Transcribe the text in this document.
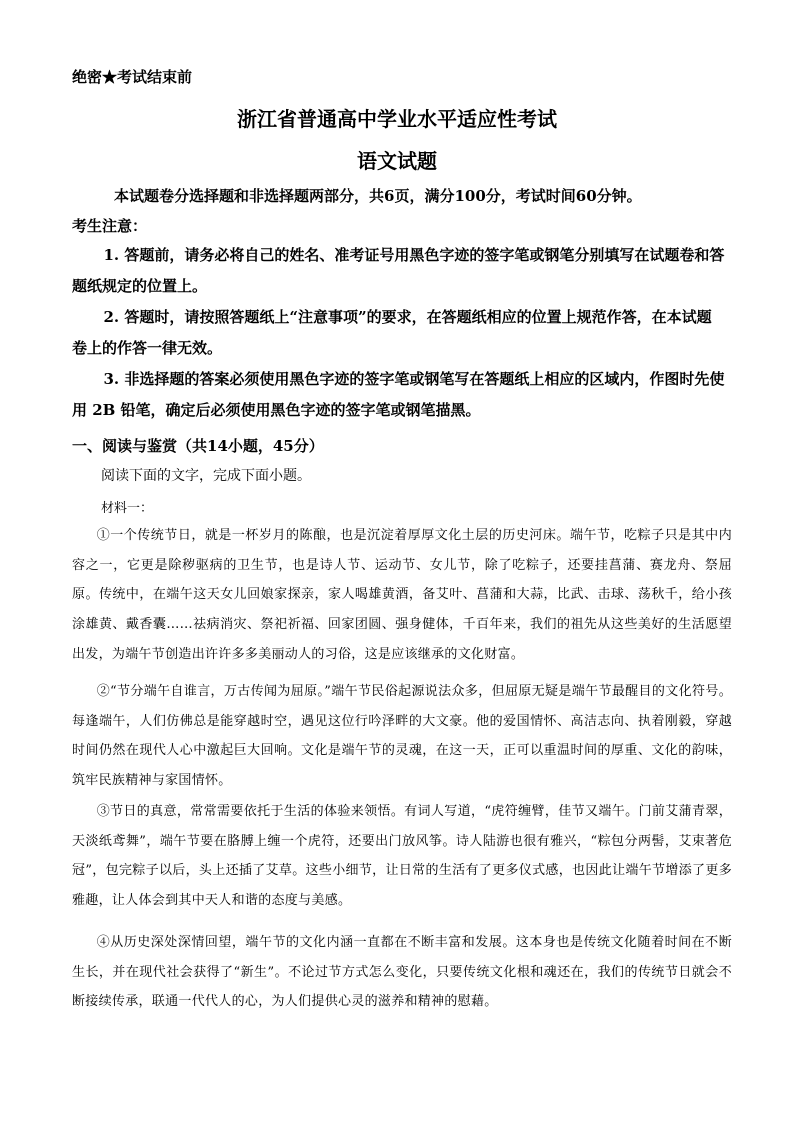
绝密★考试结束前
浙江省普通高中学业水平适应性考试
语文试题
本试题卷分选择题和非选择题两部分，共6页，满分100分，考试时间60分钟。
考生注意：
1. 答题前，请务必将自己的姓名、准考证号用黑色字迹的签字笔或钢笔分别填写在试题卷和答 题纸规定的位置上。
2. 答题时，请按照答题纸上“注意事项”的要求，在答题纸相应的位置上规范作答，在本试题 卷上的作答一律无效。
3. 非选择题的答案必须使用黑色字迹的签字笔或钢笔写在答题纸上相应的区域内，作图时先使 用 2B 铅笔，确定后必须使用黑色字迹的签字笔或钢笔描黑。
一、阅读与鉴赏（共14小题，45分）
阅读下面的文字，完成下面小题。
材料一：
①一个传统节日，就是一杯岁月的陈酿，也是沉淀着厚厚文化土层的历史河床。端午节，吃粽子只是其中内容之一，它更是除秽驱病的卫生节，也是诗人节、运动节、女儿节，除了吃粽子，还要挂菖蒲、赛龙舟、祭屈原。传统中，在端午这天女儿回娘家探亲，家人喝雄黄酒，备艾叶、菖蒲和大蒜，比武、击球、荡秋千，给小孩涂雄黄、戴香囊……祛病消灾、祭祀祈福、回家团圆、强身健体，千百年来，我们的祖先从这些美好的生活愿望出发，为端午节创造出许许多多美丽动人的习俗，这是应该继承的文化财富。
②“节分端午自谁言，万古传闻为屈原。”端午节民俗起源说法众多，但屈原无疑是端午节最醒目的文化符号。每逢端午，人们仿佛总是能穿越时空，遇见这位行吟泽畔的大文豪。他的爱国情怀、高洁志向、执着刚毅，穿越时间仍然在现代人心中激起巨大回响。文化是端午节的灵魂，在这一天，正可以重温时间的厚重、文化的韵味，筑牢民族精神与家国情怀。
③节日的真意，常常需要依托于生活的体验来领悟。有词人写道，“虎符缠臂，佳节又端午。门前艾蒲青翠，天淡纸鸢舞”，端午节要在胳膊上缠一个虎符，还要出门放风筝。诗人陆游也很有雅兴，“粽包分两髻，艾束著危冠”，包完粽子以后，头上还插了艾草。这些小细节，让日常的生活有了更多仪式感，也因此让端午节增添了更多雅趣，让人体会到其中天人和谐的态度与美感。
④从历史深处深情回望，端午节的文化内涵一直都在不断丰富和发展。这本身也是传统文化随着时间在不断生长，并在现代社会获得了“新生”。不论过节方式怎么变化，只要传统文化根和魂还在，我们的传统节日就会不断接续传承，联通一代代人的心，为人们提供心灵的滋养和精神的慰藉。
